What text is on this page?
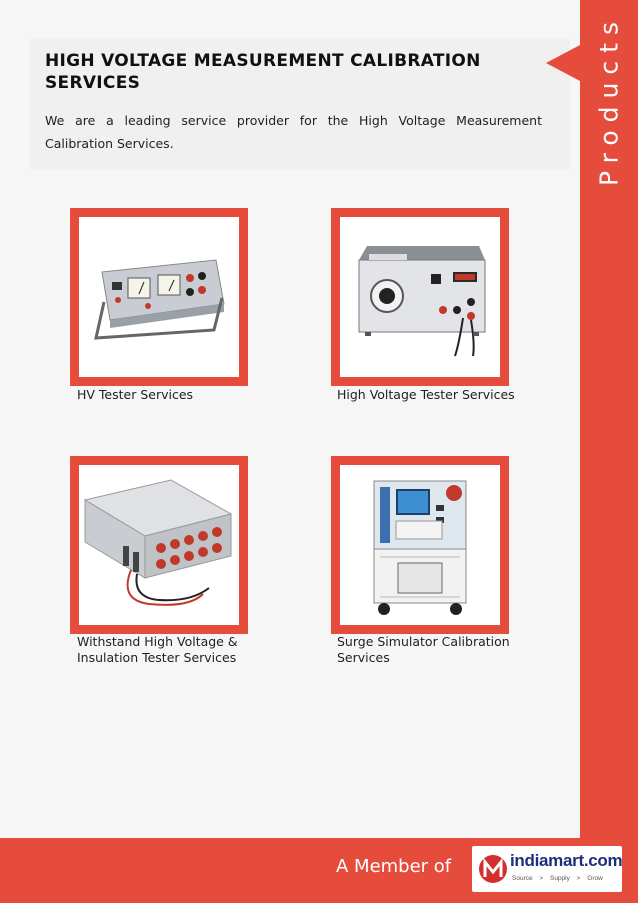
Products
HIGH VOLTAGE MEASUREMENT CALIBRATION SERVICES

We are a leading service provider for the High Voltage Measurement Calibration Services.

HV Tester Services	High Voltage Tester Services

Withstand High Voltage & Insulation Tester Services

Surge Simulator Calibration Services

A Member of	indiamart.com
Source > Supply > Grow
